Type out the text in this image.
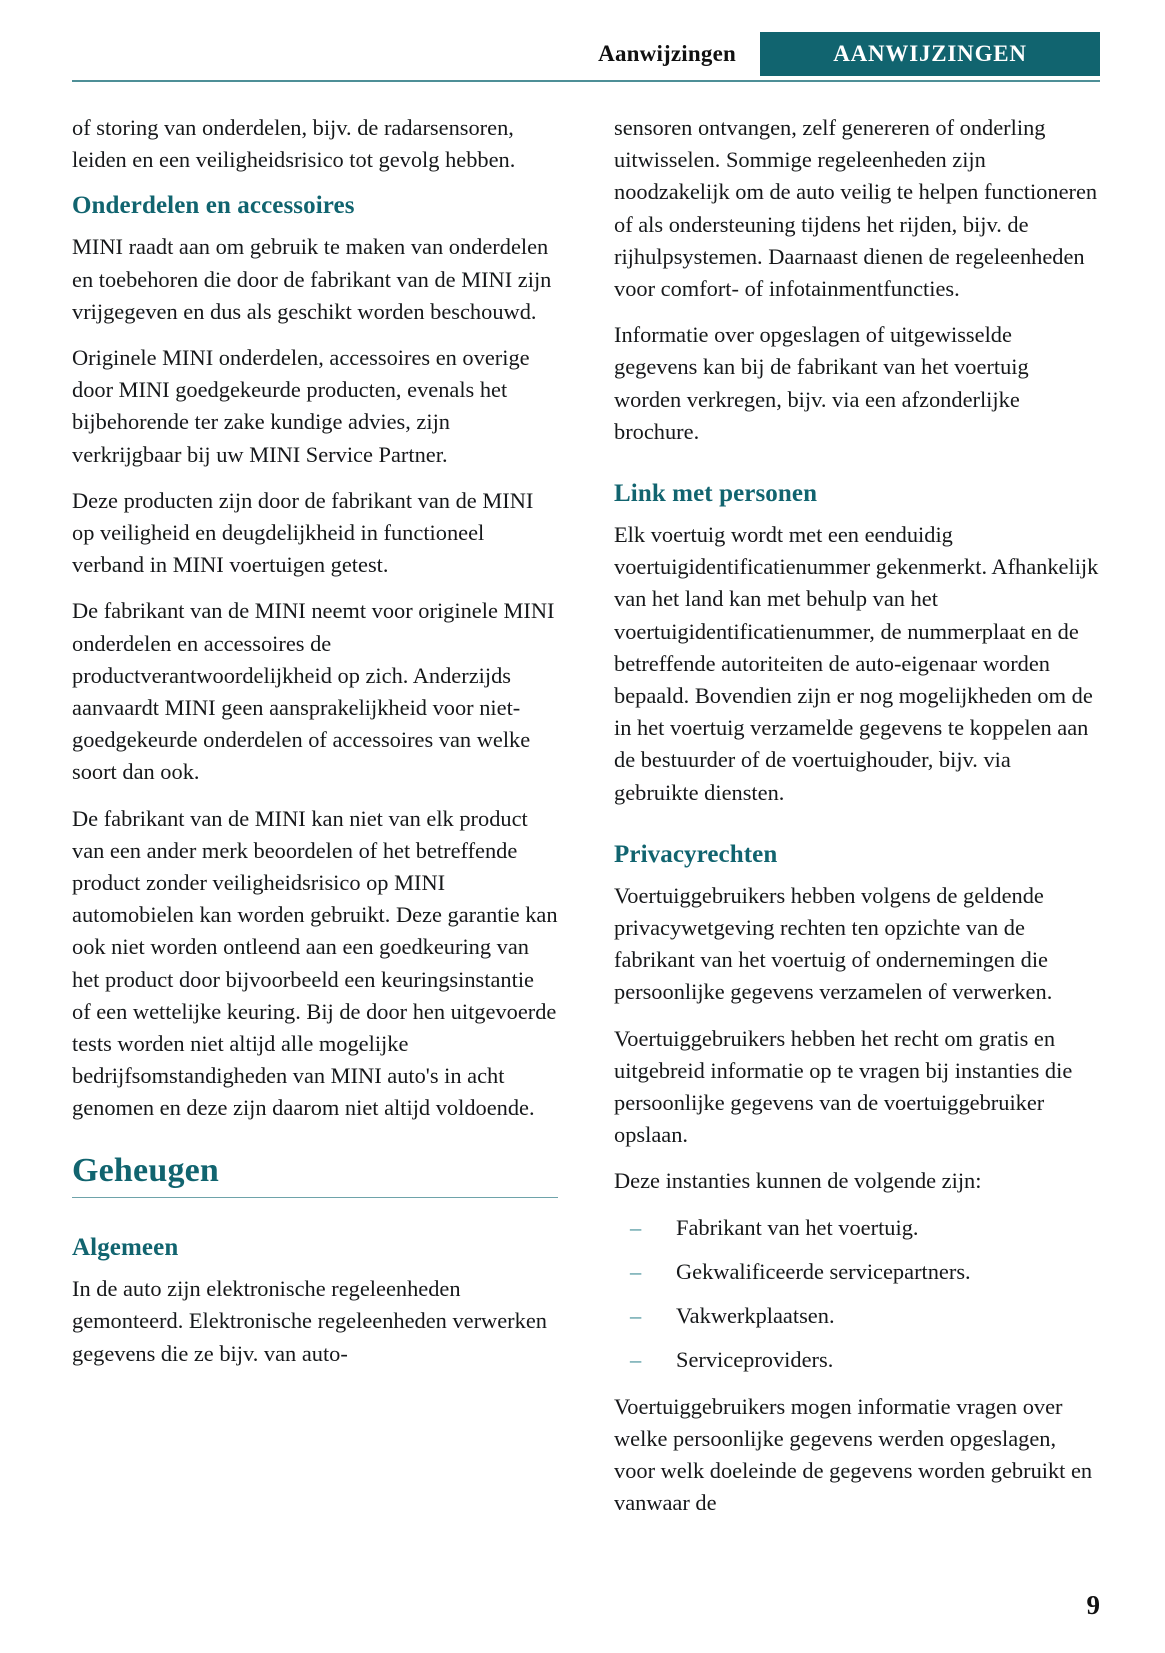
Aanwijzingen	AANWIJZINGEN

of storing van onderdelen, bijv. de radarsensoren, leiden en een veiligheidsrisico tot gevolg hebben.

Onderdelen en accessoires

MINI raadt aan om gebruik te maken van onderdelen en toebehoren die door de fabrikant van de MINI zijn vrijgegeven en dus als geschikt worden beschouwd.

Originele MINI onderdelen, accessoires en overige door MINI goedgekeurde producten, evenals het bijbehorende ter zake kundige advies, zijn verkrijgbaar bij uw MINI Service Partner.

Deze producten zijn door de fabrikant van de MINI op veiligheid en deugdelijkheid in functioneel verband in MINI voertuigen getest.

De fabrikant van de MINI neemt voor originele MINI onderdelen en accessoires de productverantwoordelijkheid op zich. Anderzijds aanvaardt MINI geen aansprakelijkheid voor niet-goedgekeurde onderdelen of accessoires van welke soort dan ook.

De fabrikant van de MINI kan niet van elk product van een ander merk beoordelen of het betreffende product zonder veiligheidsrisico op MINI automobielen kan worden gebruikt. Deze garantie kan ook niet worden ontleend aan een goedkeuring van het product door bijvoorbeeld een keuringsinstantie of een wettelijke keuring. Bij de door hen uitgevoerde tests worden niet altijd alle mogelijke bedrijfsomstandigheden van MINI auto's in acht genomen en deze zijn daarom niet altijd voldoende.

Geheugen
Algemeen

In de auto zijn elektronische regeleenheden gemonteerd. Elektronische regeleenheden verwerken gegevens die ze bijv. van auto-

sensoren ontvangen, zelf genereren of onderling uitwisselen. Sommige regeleenheden zijn noodzakelijk om de auto veilig te helpen functioneren of als ondersteuning tijdens het rijden, bijv. de rijhulpsystemen. Daarnaast dienen de regeleenheden voor comfort- of infotainmentfuncties.

Informatie over opgeslagen of uitgewisselde gegevens kan bij de fabrikant van het voertuig worden verkregen, bijv. via een afzonderlijke brochure.

Link met personen

Elk voertuig wordt met een eenduidig voertuigidentificatienummer gekenmerkt. Afhankelijk van het land kan met behulp van het voertuigidentificatienummer, de nummerplaat en de betreffende autoriteiten de auto-eigenaar worden bepaald. Bovendien zijn er nog mogelijkheden om de in het voertuig verzamelde gegevens te koppelen aan de bestuurder of de voertuighouder, bijv. via gebruikte diensten.

Privacyrechten

Voertuiggebruikers hebben volgens de geldende privacywetgeving rechten ten opzichte van de fabrikant van het voertuig of ondernemingen die persoonlijke gegevens verzamelen of verwerken.

Voertuiggebruikers hebben het recht om gratis en uitgebreid informatie op te vragen bij instanties die persoonlijke gegevens van de voertuiggebruiker opslaan.

Deze instanties kunnen de volgende zijn:

– Fabrikant van het voertuig.
– Gekwalificeerde servicepartners.
– Vakwerkplaatsen.
– Serviceproviders.

Voertuiggebruikers mogen informatie vragen over welke persoonlijke gegevens werden opgeslagen, voor welk doeleinde de gegevens worden gebruikt en vanwaar de

9
